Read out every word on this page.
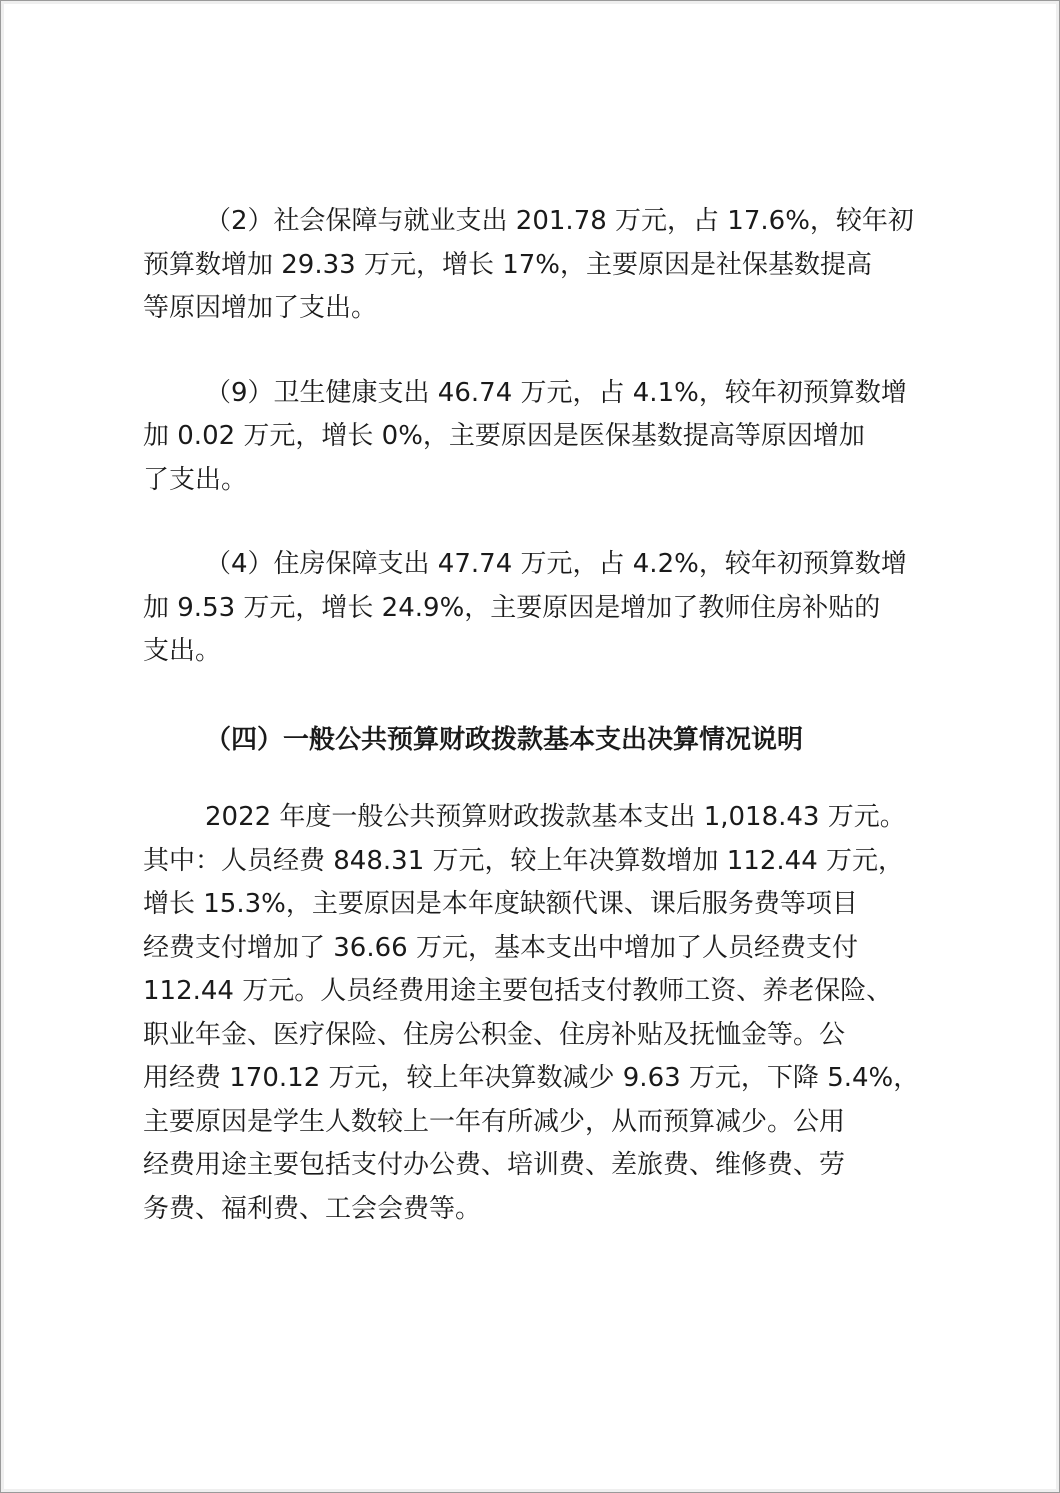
（2）社会保障与就业支出 201.78 万元，占 17.6%，较年初
预算数增加 29.33 万元，增长 17%，主要原因是社保基数提高
等原因增加了支出。

（9）卫生健康支出 46.74 万元，占 4.1%，较年初预算数增
加 0.02 万元，增长 0%，主要原因是医保基数提高等原因增加
了支出。

（4）住房保障支出 47.74 万元，占 4.2%，较年初预算数增
加 9.53 万元，增长 24.9%，主要原因是增加了教师住房补贴的
支出。

（四）一般公共预算财政拨款基本支出决算情况说明

2022 年度一般公共预算财政拨款基本支出 1,018.43 万元。
其中：人员经费 848.31 万元，较上年决算数增加 112.44 万元，
增长 15.3%，主要原因是本年度缺额代课、课后服务费等项目
经费支付增加了 36.66 万元，基本支出中增加了人员经费支付
112.44 万元。人员经费用途主要包括支付教师工资、养老保险、
职业年金、医疗保险、住房公积金、住房补贴及抚恤金等。公
用经费 170.12 万元，较上年决算数减少 9.63 万元，下降 5.4%，
主要原因是学生人数较上一年有所减少，从而预算减少。公用
经费用途主要包括支付办公费、培训费、差旅费、维修费、劳
务费、福利费、工会会费等。
